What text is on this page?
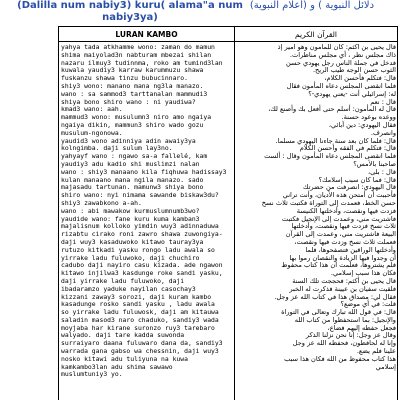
(Dalilla num nabiy3) kuru( alama"a num nabiy3ya)
دلائل النبوية ) و (أعلام النبوية)
LURAN KAMBO	القرآن الكريم
yahya tada atkhamme wono: zaman do mamun
shima maiyolad3n nabturam mbezai shilan
nazaru ilmuy3 tudinnma, roko am tumind3lan
kuwala yaudiy3 karraw karummuzu shawa
fuskanzu shawa tinzu bubucinnaro.
shiy3 wono: manano mana ng3la manazo.
wano : sa sammod3 tarttanalan mammudi3
shiya bono shiro wano : ni yaudiwa?
kmad3 wano: aah.
mammud3 wono: musulumn3 niro amo ngaiya
ngaiya dikin, mammun3 shiro wado gozu
musulum-ngonowa.
yaudid3 wono adinniya adin awaiy3ya
kolngimba. daji sulum lay3no.
yahyayf wano : ngawo sa-a fallelé, kam
yaudiy3 adu kadio shi muslimzi nalan
wano : shiy3 manaano kila fiqhuwa hadissay3
kulan manaano mana ngila manazo. sado
majasadu tartunan. mamunw3 shiya bono
shiro wano: nyi nimama sawande biskaw3du?
shiy3 zawabkono a-ah.
wano : abi mawakow kurmuslumnumb3wo?
yaudide wano: fane kuru kuma kamban3
majalisnum kolloko yimdin wuy3 adinnaduwa
rizabtu cirako roni zawro shawa zuwongiya-
daji wuy3 kasaduwoko kitawo tauray3ya
rutuzo kitkadi yasku rongo ladu awala so
yirrake ladu fuluwoko, daji chuchiro
cadubo daji nayiro casu kizada. ade ngawon
kitawo injilwa3 kasdunge roke sandi yasku,
daji yirrake ladu fuluwoko, daji
ibadaramzo yaduke nayilan casochay3
kizzani zaway3 sorozi, daji kuram kambo
kasadunge rosko sandi yasku , ladu awala
so yirrake ladu fuluwosk, daji am kitauwa
saladin masod3 naro chaduko, sandiy3 wada
moyjaba har kirane suronzo ruy3 tarebaro
walyado. daji tare kadda suwonda
surraiyaro daana fuluwaro dana da, sandiy3
warrada gana gabso wa chessnin, daji wuy3
nosko kitawi adu tuliyuna na kuwa
kamkambo3lan adu shima sawawo
muslumtuniy3 yo.
قال يحيى بن أكثم: كان للمأمون وهو أمير إذ
ذاك مجلس نظر ، أي مجلس مناظرات.
فدخل في جملة الناس رجل يهودي حسن
الثوب حسن الوجه طيب الريح.
قال: فتكلم فأحسن الكلام،
فلما انقضى المجلس دعاه المأمون فقال
له: إسرائيلي أنت -يعني يهودي-؟
قال : نعم
قال له المأمون: أسلم حتى أفعل بك وأصنع لك،
ووعده بوعود حسنة.
فقال اليهودي: دين آبائي،
وانصرف.
قال: فلما كان بعد سنة جاءنا اليهودي مسلما.
قال: فتكلم في الفقه وأحسن الكلام
فلما انقضى المجلس دعاه المأمون وقال : ألست
صاحبنا بالأمس؟
قال : بلى،
قال: فما كان سبب إسلامك؟
قال اليهودي: انصرفت من حضرتك
فأحببت أن أمتحن هذه الأديان، وأنت تراني
حسن الخط، فعمدت إلى التوراة فكتبت ثلاث نسخ
فزدت فيها ونقصت، وأدخلتها الكنيسة
فاشتريت مني، وعمدت إلى الإنجيل فكتبت
ثلاث نسخ فزدت فيها ونقصت، وأدخلتها
البيعة فاشتريت مني، وعمدت إلى القرآن
فعملت ثلاث نسخ وزدت فيها ونقصت،
وأدخلتها الوراقين فتصفحوها، فلما
أن وجدوا فيها الزيادة والنقصان رموا بها
فلم يشتروها، فعلمت أن هذا كتاب محفوظ
فكان هذا سبب إسلامي.
قال يحيى بن أكثم: فحججت تلك السنة
فلقيت سفيان بن عيينة فذكرت له الخبر
فقال لي: مصداق هذا في كتاب الله عز وجل.
قلت: في أي موضع؟
قال: في قول الله تبارك وتعالى في التوراة
والإنجيل: بما استحفظوا من كتاب الله
فجعل حفظه إليهم فضاع،
وقال عز وجل: إنا نحن نزلنا الذكر
وإنا له لحافظون، فحفظه الله عز وجل
علينا فلم يضع.
هذا كتاب محفوظ من الله فكان هذا سبب
إسلامي
